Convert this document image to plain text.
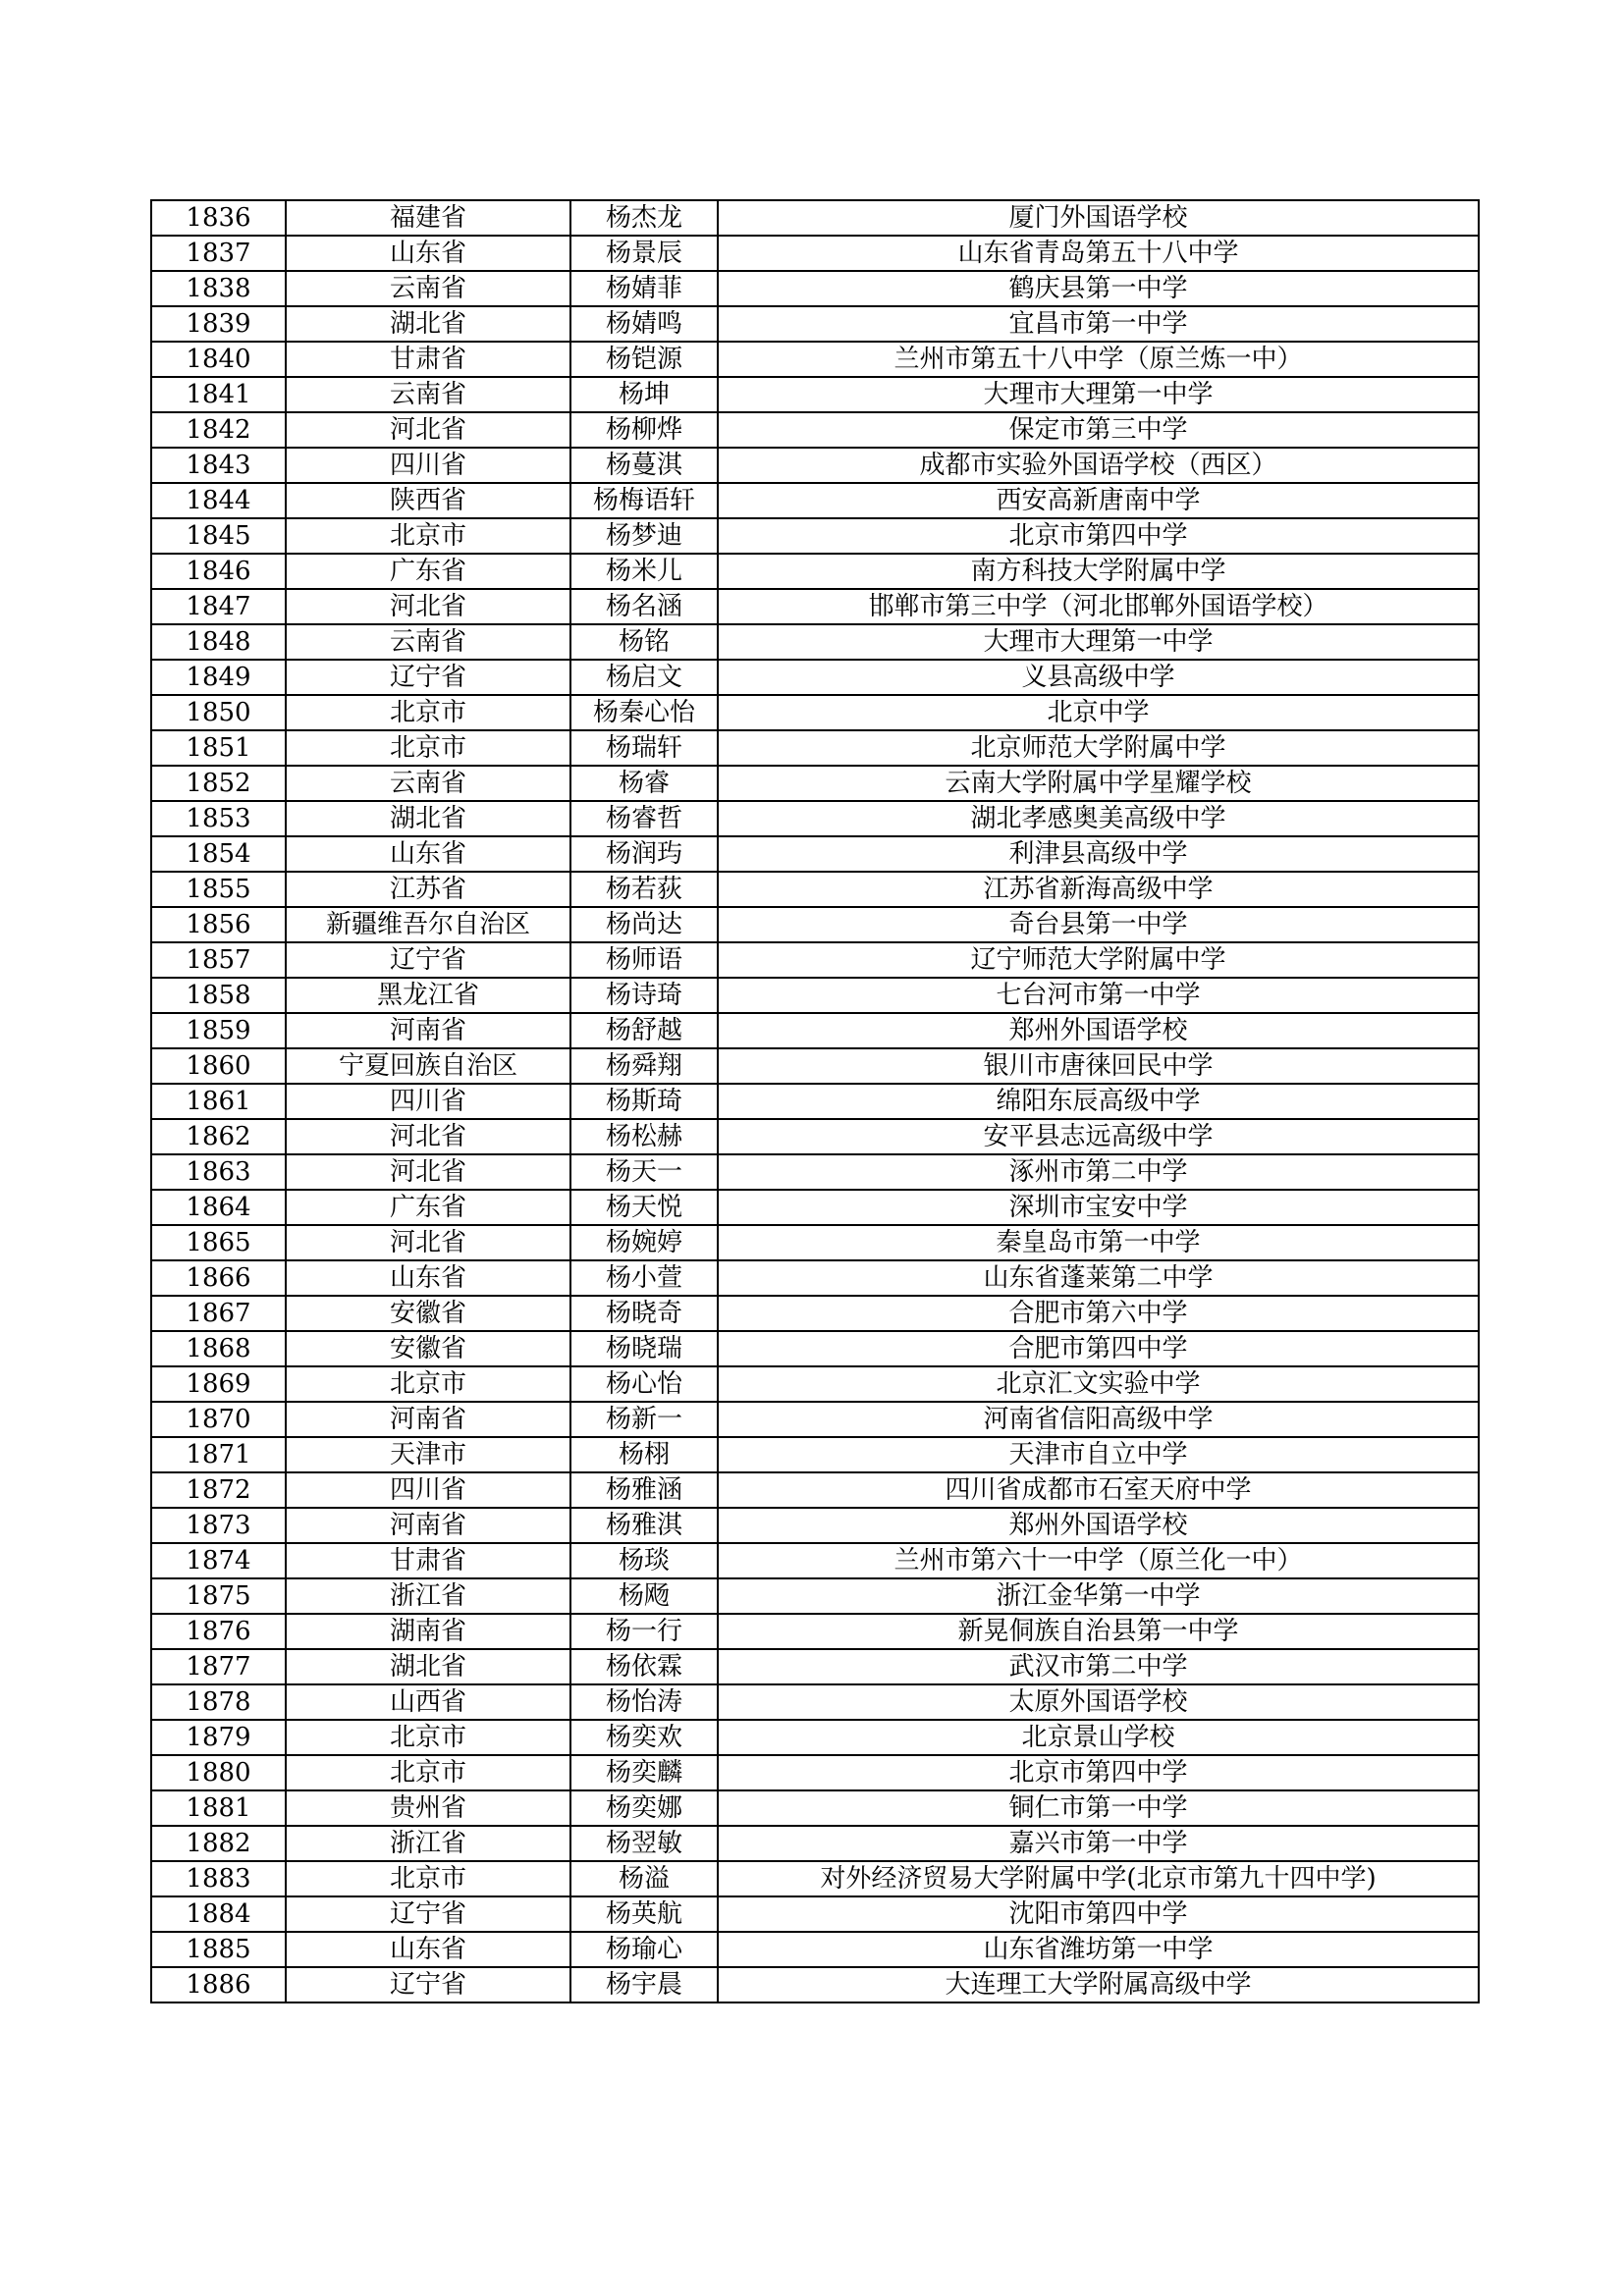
1836	福建省	杨杰龙	厦门外国语学校
1837	山东省	杨景辰	山东省青岛第五十八中学
1838	云南省	杨婧菲	鹤庆县第一中学
1839	湖北省	杨婧鸣	宜昌市第一中学
1840	甘肃省	杨铠源	兰州市第五十八中学（原兰炼一中）
1841	云南省	杨坤	大理市大理第一中学
1842	河北省	杨柳烨	保定市第三中学
1843	四川省	杨蔓淇	成都市实验外国语学校（西区）
1844	陕西省	杨梅语轩	西安高新唐南中学
1845	北京市	杨梦迪	北京市第四中学
1846	广东省	杨米儿	南方科技大学附属中学
1847	河北省	杨名涵	邯郸市第三中学（河北邯郸外国语学校）
1848	云南省	杨铭	大理市大理第一中学
1849	辽宁省	杨启文	义县高级中学
1850	北京市	杨秦心怡	北京中学
1851	北京市	杨瑞轩	北京师范大学附属中学
1852	云南省	杨睿	云南大学附属中学星耀学校
1853	湖北省	杨睿哲	湖北孝感奥美高级中学
1854	山东省	杨润玙	利津县高级中学
1855	江苏省	杨若荻	江苏省新海高级中学
1856	新疆维吾尔自治区	杨尚达	奇台县第一中学
1857	辽宁省	杨师语	辽宁师范大学附属中学
1858	黑龙江省	杨诗琦	七台河市第一中学
1859	河南省	杨舒越	郑州外国语学校
1860	宁夏回族自治区	杨舜翔	银川市唐徕回民中学
1861	四川省	杨斯琦	绵阳东辰高级中学
1862	河北省	杨松赫	安平县志远高级中学
1863	河北省	杨天一	涿州市第二中学
1864	广东省	杨天悦	深圳市宝安中学
1865	河北省	杨婉婷	秦皇岛市第一中学
1866	山东省	杨小萱	山东省蓬莱第二中学
1867	安徽省	杨晓奇	合肥市第六中学
1868	安徽省	杨晓瑞	合肥市第四中学
1869	北京市	杨心怡	北京汇文实验中学
1870	河南省	杨新一	河南省信阳高级中学
1871	天津市	杨栩	天津市自立中学
1872	四川省	杨雅涵	四川省成都市石室天府中学
1873	河南省	杨雅淇	郑州外国语学校
1874	甘肃省	杨琰	兰州市第六十一中学（原兰化一中）
1875	浙江省	杨飏	浙江金华第一中学
1876	湖南省	杨一行	新晃侗族自治县第一中学
1877	湖北省	杨依霖	武汉市第二中学
1878	山西省	杨怡涛	太原外国语学校
1879	北京市	杨奕欢	北京景山学校
1880	北京市	杨奕麟	北京市第四中学
1881	贵州省	杨奕娜	铜仁市第一中学
1882	浙江省	杨翌敏	嘉兴市第一中学
1883	北京市	杨溢	对外经济贸易大学附属中学(北京市第九十四中学)
1884	辽宁省	杨英航	沈阳市第四中学
1885	山东省	杨瑜心	山东省潍坊第一中学
1886	辽宁省	杨宇晨	大连理工大学附属高级中学
